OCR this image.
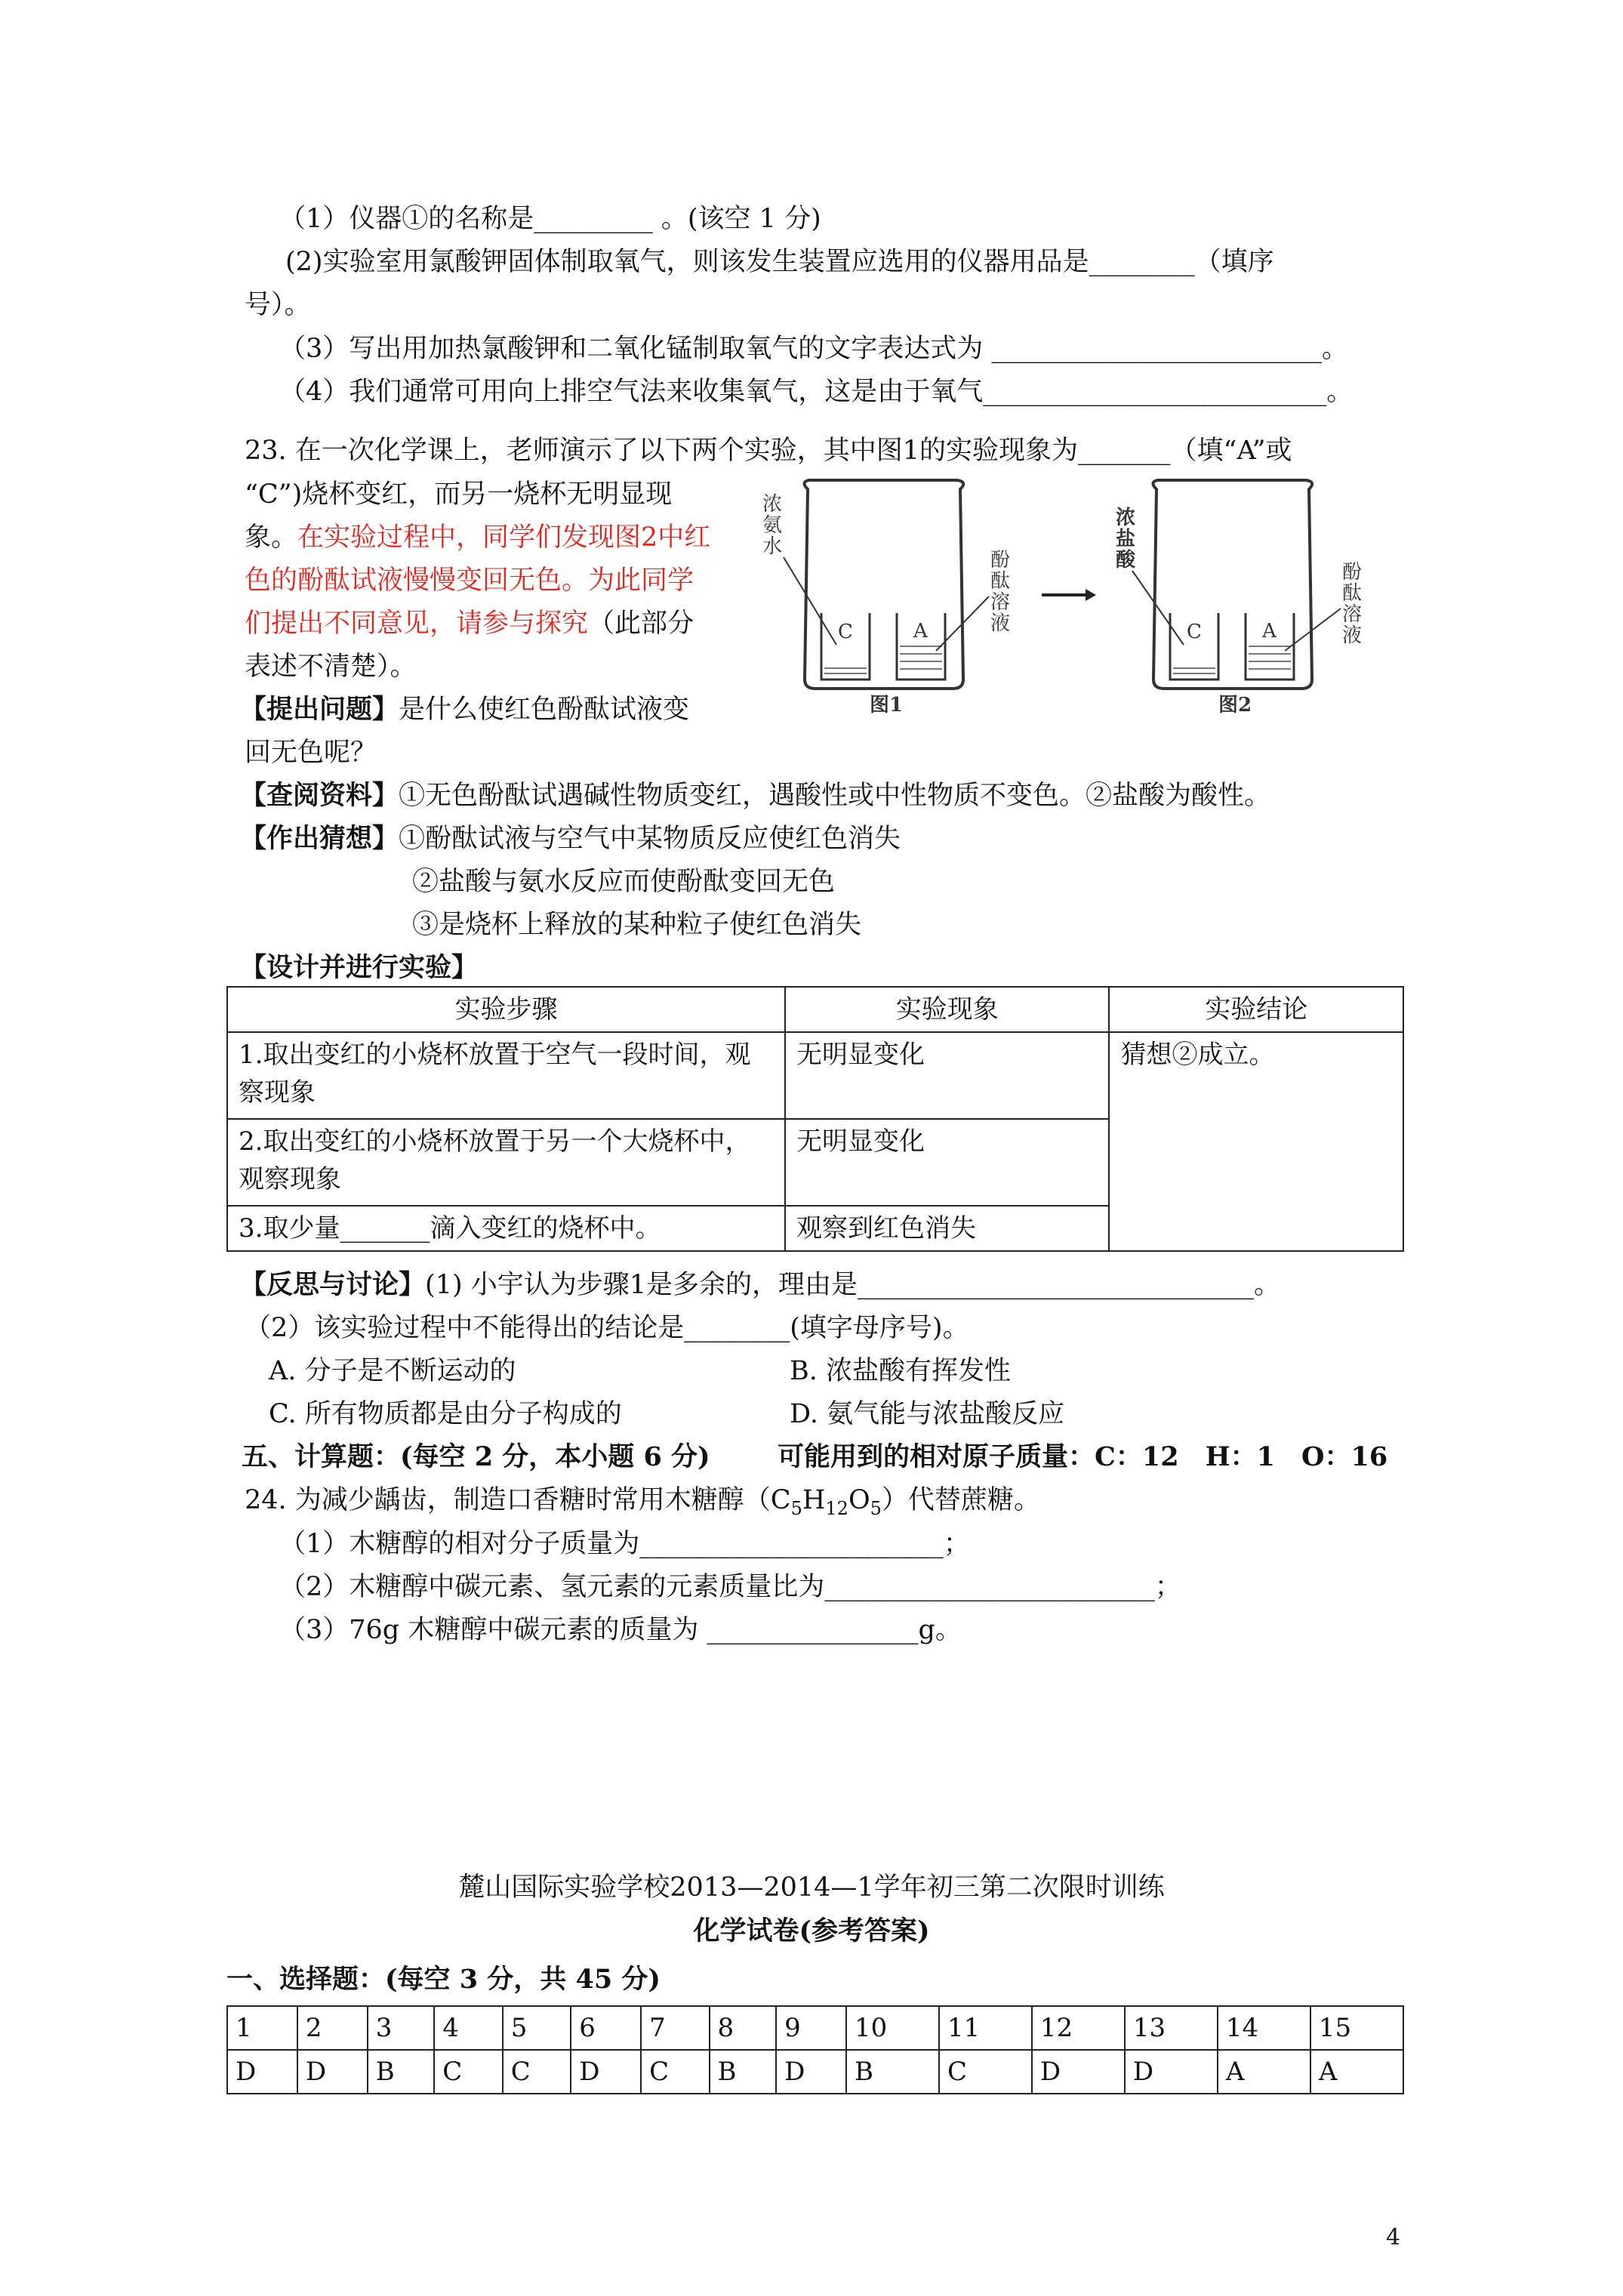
（1）仪器①的名称是_________ 。(该空 1 分)
(2)实验室用氯酸钾固体制取氧气，则该发生装置应选用的仪器用品是________（填序
号）。
（3）写出用加热氯酸钾和二氧化锰制取氧气的文字表达式为 _________________________。
（4）我们通常可用向上排空气法来收集氧气，这是由于氧气__________________________。
23. 在一次化学课上，老师演示了以下两个实验，其中图1的实验现象为_______（填“A”或
“C”)烧杯变红，而另一烧杯无明显现
象。在实验过程中，同学们发现图2中红
色的酚酞试液慢慢变回无色。为此同学
们提出不同意见，请参与探究（此部分
表述不清楚）。
【提出问题】是什么使红色酚酞试液变
回无色呢？
【查阅资料】①无色酚酞试遇碱性物质变红，遇酸性或中性物质不变色。②盐酸为酸性。
【作出猜想】①酚酞试液与空气中某物质反应使红色消失
②盐酸与氨水反应而使酚酞变回无色
③是烧杯上释放的某种粒子使红色消失
【设计并进行实验】
C	A
浓
氨
水
酚
酞
溶
液
图1
C	A
浓
盐
酸
酚
酞
溶
液
图2
实验步骤	实验现象	实验结论
1.取出变红的小烧杯放置于空气一段时间，观察现象	无明显变化	猜想②成立。
2.取出变红的小烧杯放置于另一个大烧杯中，观察现象	无明显变化	
3.取少量_______滴入变红的烧杯中。	观察到红色消失	
【反思与讨论】(1) 小宇认为步骤1是多余的，理由是______________________________。
（2）该实验过程中不能得出的结论是________(填字母序号)。
A. 分子是不断运动的	B. 浓盐酸有挥发性
C. 所有物质都是由分子构成的	D. 氨气能与浓盐酸反应
五、计算题：(每空 2 分，本小题 6 分)	可能用到的相对原子质量：C：12　H：1　O：16
24. 为减少龋齿，制造口香糖时常用木糖醇$(C_5H_{12}O_5)$代替蔗糖。
（1）木糖醇的相对分子质量为_______________________；
（2）木糖醇中碳元素、氢元素的元素质量比为_________________________；
（3）76g 木糖醇中碳元素的质量为 ________________g。
麓山国际实验学校2013—2014—1学年初三第二次限时训练
化学试卷(参考答案)
一、选择题：(每空 3 分，共 45 分)
1	2	3	4	5	6	7	8	9	10	11	12	13	14	15
D	D	B	C	C	D	C	B	D	B	C	D	D	A	A
4
